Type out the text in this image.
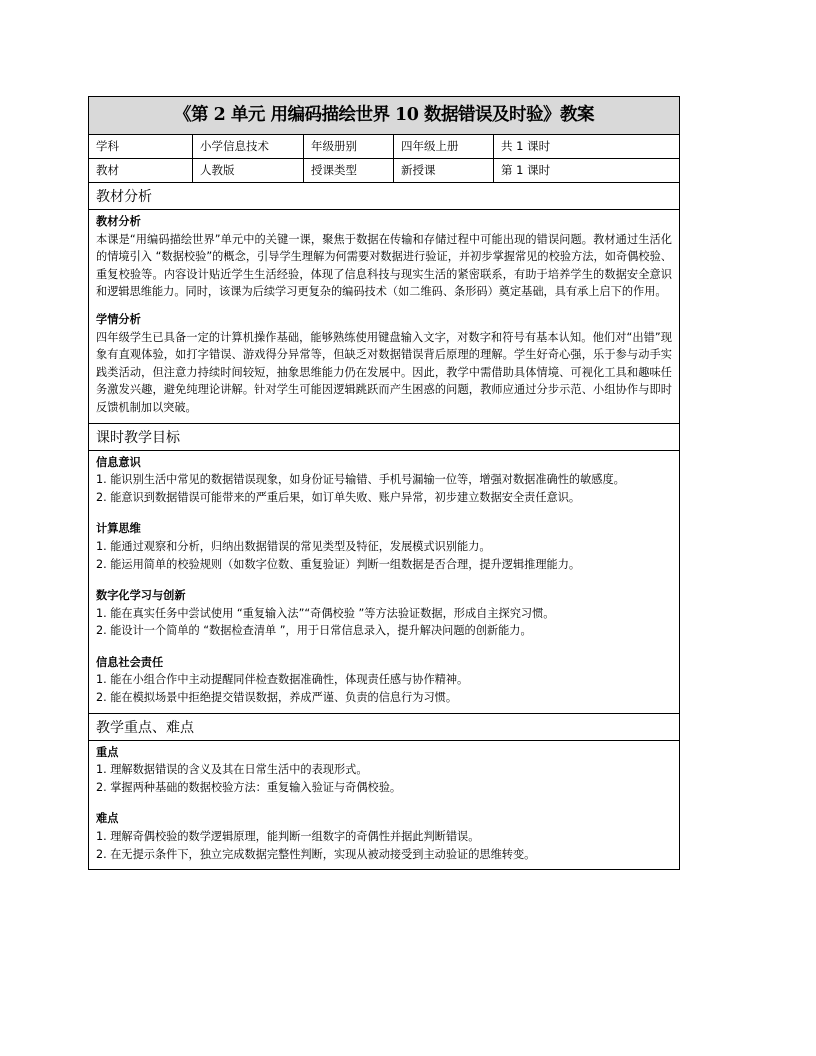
《第 2 单元 用编码描绘世界 10 数据错误及时验》教案
学科	小学信息技术	年级册别	四年级上册	共 1 课时
教材	人教版	授课类型	新授课	第 1 课时
教材分析
教材分析
本课是“用编码描绘世界”单元中的关键一课，聚焦于数据在传输和存储过程中可能出现的错误问题。教材通过生活化的情境引入 “数据校验”的概念，引导学生理解为何需要对数据进行验证，并初步掌握常见的校验方法，如奇偶校验、重复校验等。内容设计贴近学生生活经验，体现了信息科技与现实生活的紧密联系，有助于培养学生的数据安全意识和逻辑思维能力。同时，该课为后续学习更复杂的编码技术（如二维码、条形码）奠定基础，具有承上启下的作用。
学情分析
四年级学生已具备一定的计算机操作基础，能够熟练使用键盘输入文字，对数字和符号有基本认知。他们对“出错”现象有直观体验，如打字错误、游戏得分异常等，但缺乏对数据错误背后原理的理解。学生好奇心强，乐于参与动手实践类活动，但注意力持续时间较短，抽象思维能力仍在发展中。因此，教学中需借助具体情境、可视化工具和趣味任务激发兴趣，避免纯理论讲解。针对学生可能因逻辑跳跃而产生困惑的问题，教师应通过分步示范、小组协作与即时反馈机制加以突破。
课时教学目标
信息意识
1. 能识别生活中常见的数据错误现象，如身份证号输错、手机号漏输一位等，增强对数据准确性的敏感度。
2. 能意识到数据错误可能带来的严重后果，如订单失败、账户异常，初步建立数据安全责任意识。
计算思维
1. 能通过观察和分析，归纳出数据错误的常见类型及特征，发展模式识别能力。
2. 能运用简单的校验规则（如数字位数、重复验证）判断一组数据是否合理，提升逻辑推理能力。
数字化学习与创新
1. 能在真实任务中尝试使用 “重复输入法”“奇偶校验 ”等方法验证数据，形成自主探究习惯。
2. 能设计一个简单的 “数据检查清单 ”，用于日常信息录入，提升解决问题的创新能力。
信息社会责任
1. 能在小组合作中主动提醒同伴检查数据准确性，体现责任感与协作精神。
2. 能在模拟场景中拒绝提交错误数据，养成严谨、负责的信息行为习惯。
教学重点、难点
重点
1. 理解数据错误的含义及其在日常生活中的表现形式。
2. 掌握两种基础的数据校验方法：重复输入验证与奇偶校验。
难点
1. 理解奇偶校验的数学逻辑原理，能判断一组数字的奇偶性并据此判断错误。
2. 在无提示条件下，独立完成数据完整性判断，实现从被动接受到主动验证的思维转变。
